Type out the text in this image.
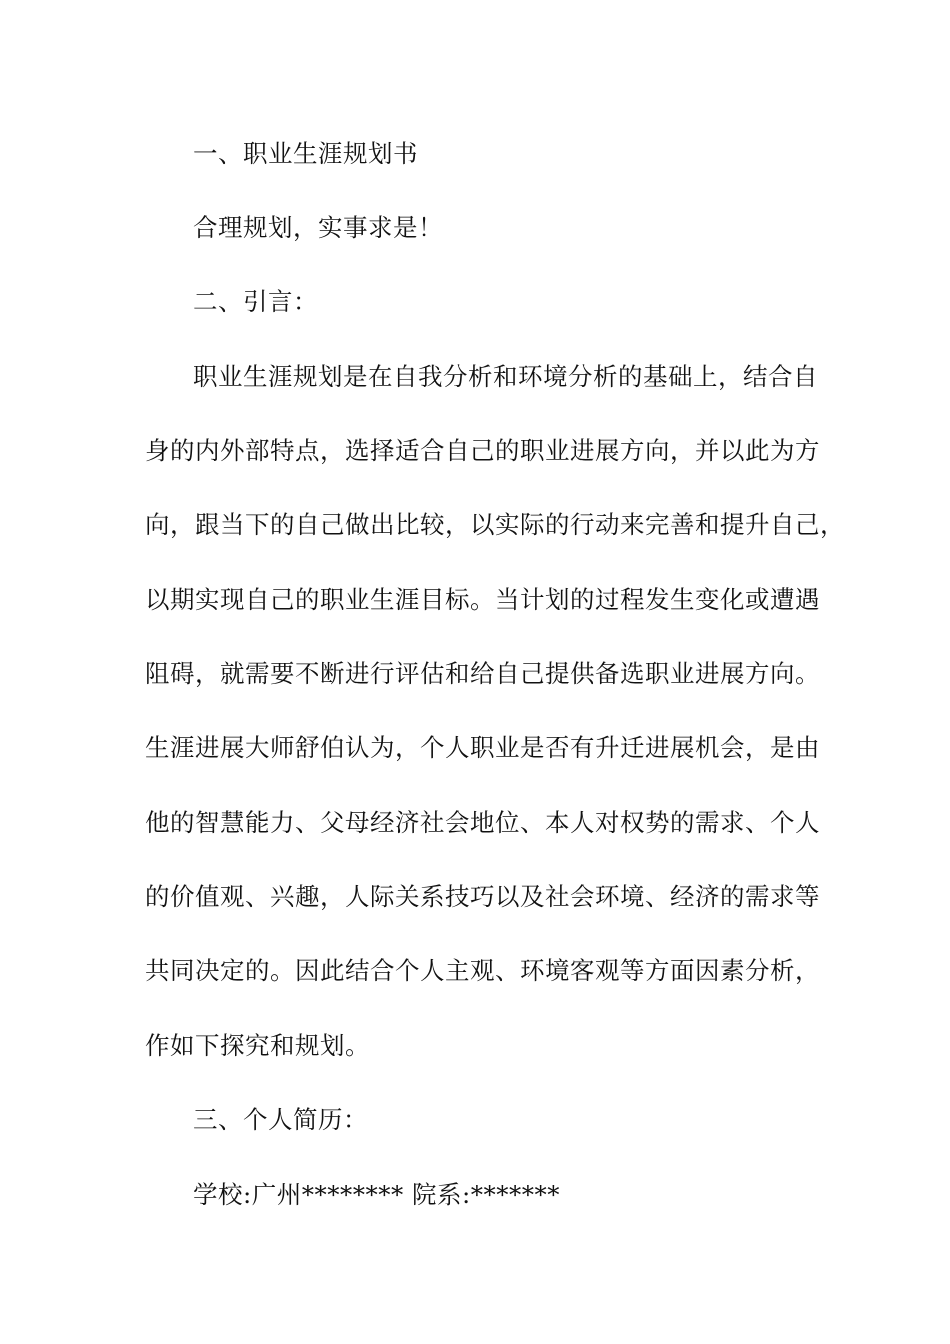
一、职业生涯规划书
合理规划，实事求是！
二、引言：
职业生涯规划是在自我分析和环境分析的基础上，结合自
身的内外部特点，选择适合自己的职业进展方向，并以此为方
向，跟当下的自己做出比较，以实际的行动来完善和提升自己，
以期实现自己的职业生涯目标。当计划的过程发生变化或遭遇
阻碍，就需要不断进行评估和给自己提供备选职业进展方向。
生涯进展大师舒伯认为，个人职业是否有升迁进展机会，是由
他的智慧能力、父母经济社会地位、本人对权势的需求、个人
的价值观、兴趣，人际关系技巧以及社会环境、经济的需求等
共同决定的。因此结合个人主观、环境客观等方面因素分析，
作如下探究和规划。
三、个人简历：
学校:广州******** 院系:*******
